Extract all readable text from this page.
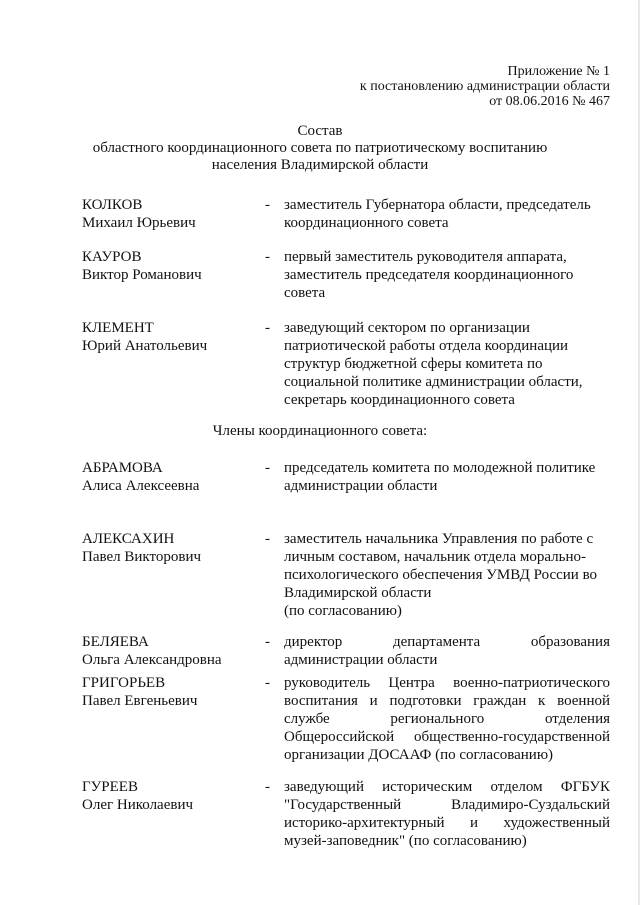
Приложение № 1
к постановлению администрации области
от 08.06.2016 № 467
Состав
областного координационного совета по патриотическому воспитанию
населения Владимирской области
КОЛКОВ
Михаил Юрьевич
- заместитель Губернатора области, председатель
координационного совета
КАУРОВ
Виктор Романович
- первый заместитель руководителя аппарата,
заместитель председателя координационного
совета
КЛЕМЕНТ
Юрий Анатольевич
- заведующий сектором по организации
патриотической работы отдела координации
структур бюджетной сферы комитета по
социальной политике администрации области,
секретарь координационного совета
Члены координационного совета:
АБРАМОВА
Алиса Алексеевна
- председатель комитета по молодежной политике
администрации области
АЛЕКСАХИН
Павел Викторович
- заместитель начальника Управления по работе с
личным составом, начальник отдела морально-
психологического обеспечения УМВД России во
Владимирской области
(по согласованию)
БЕЛЯЕВА
Ольга Александровна
- директор	департамента	образования
администрации области
ГРИГОРЬЕВ
Павел Евгеньевич
- руководитель Центра военно-патриотического
воспитания и подготовки граждан к военной
службе регионального отделения
Общероссийской общественно-государственной
организации ДОСААФ (по согласованию)
ГУРЕЕВ
Олег Николаевич
- заведующий историческим отделом ФГБУК
"Государственный Владимиро-Суздальский
историко-архитектурный и художественный
музей-заповедник" (по согласованию)
